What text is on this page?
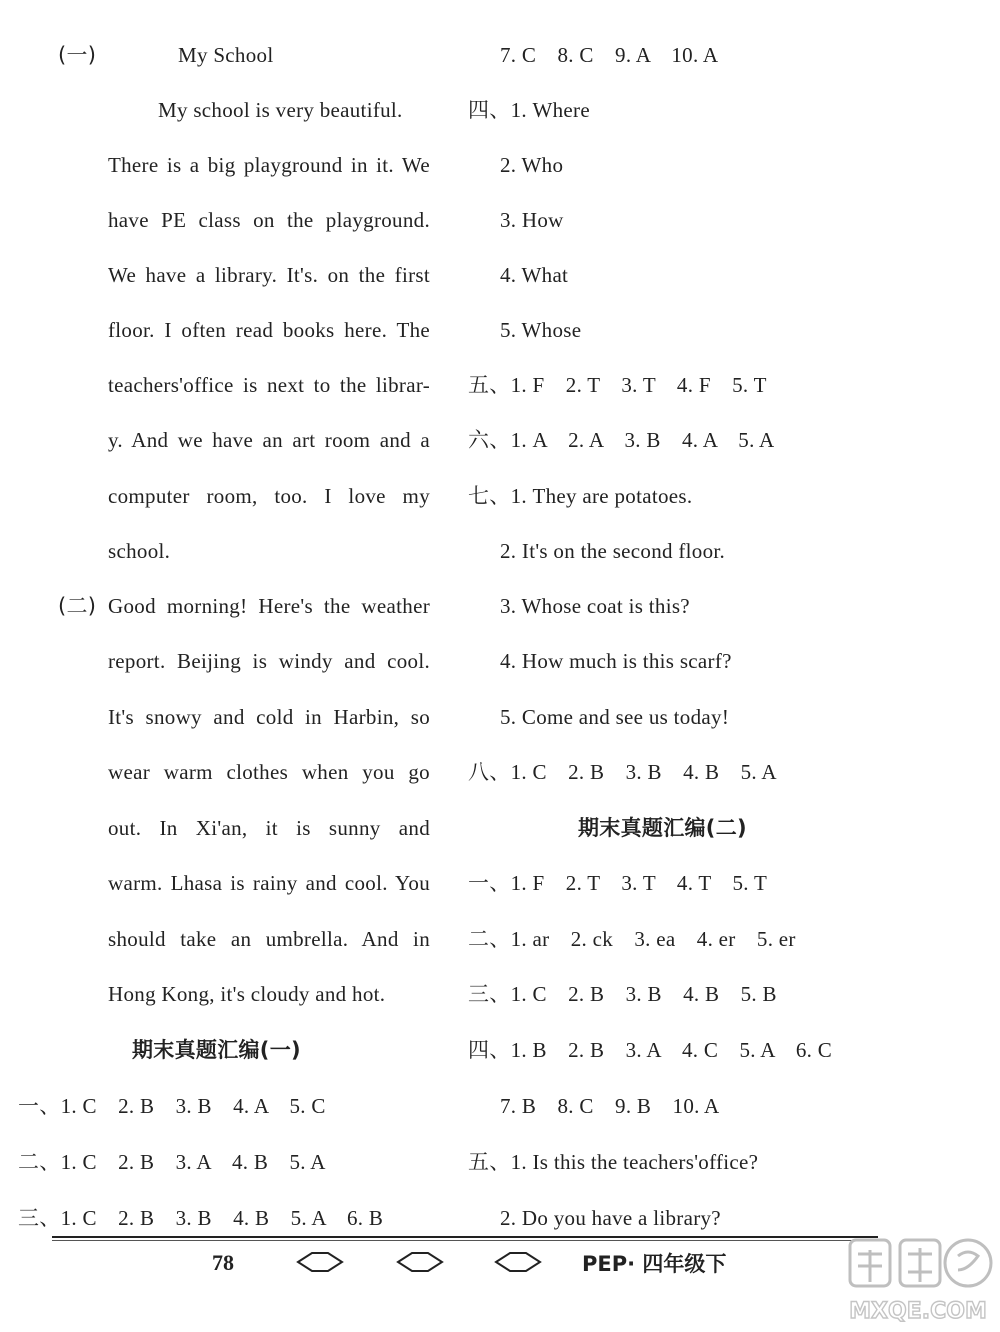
(一)	My School
My school is very beautiful.
There is a big playground in it. We
have PE class on the playground.
We have a library. It's. on the first
floor. I often read books here. The
teachers'office is next to the librar-
y. And we have an art room and a
computer room, too. I love my
school.
(二) Good morning! Here's the weather
report. Beijing is windy and cool.
It's snowy and cold in Harbin, so
wear warm clothes when you go
out. In Xi'an, it is sunny and
warm. Lhasa is rainy and cool. You
should take an umbrella. And in
Hong Kong, it's cloudy and hot.
期末真题汇编(一)
一、1. C　2. B　3. B　4. A　5. C
二、1. C　2. B　3. A　4. B　5. A
三、1. C　2. B　3. B　4. B　5. A　6. B
7. C　8. C　9. A　10. A
四、1. Where
2. Who
3. How
4. What
5. Whose
五、1. F　2. T　3. T　4. F　5. T
六、1. A　2. A　3. B　4. A　5. A
七、1. They are potatoes.
2. It's on the second floor.
3. Whose coat is this?
4. How much is this scarf?
5. Come and see us today!
八、1. C　2. B　3. B　4. B　5. A
期末真题汇编(二)
一、1. F　2. T　3. T　4. T　5. T
二、1. ar　2. ck　3. ea　4. er　5. er
三、1. C　2. B　3. B　4. B　5. B
四、1. B　2. B　3. A　4. C　5. A　6. C
7. B　8. C　9. B　10. A
五、1. Is this the teachers'office?
2. Do you have a library?
78	PEP· 四年级下
MXQE.COM
